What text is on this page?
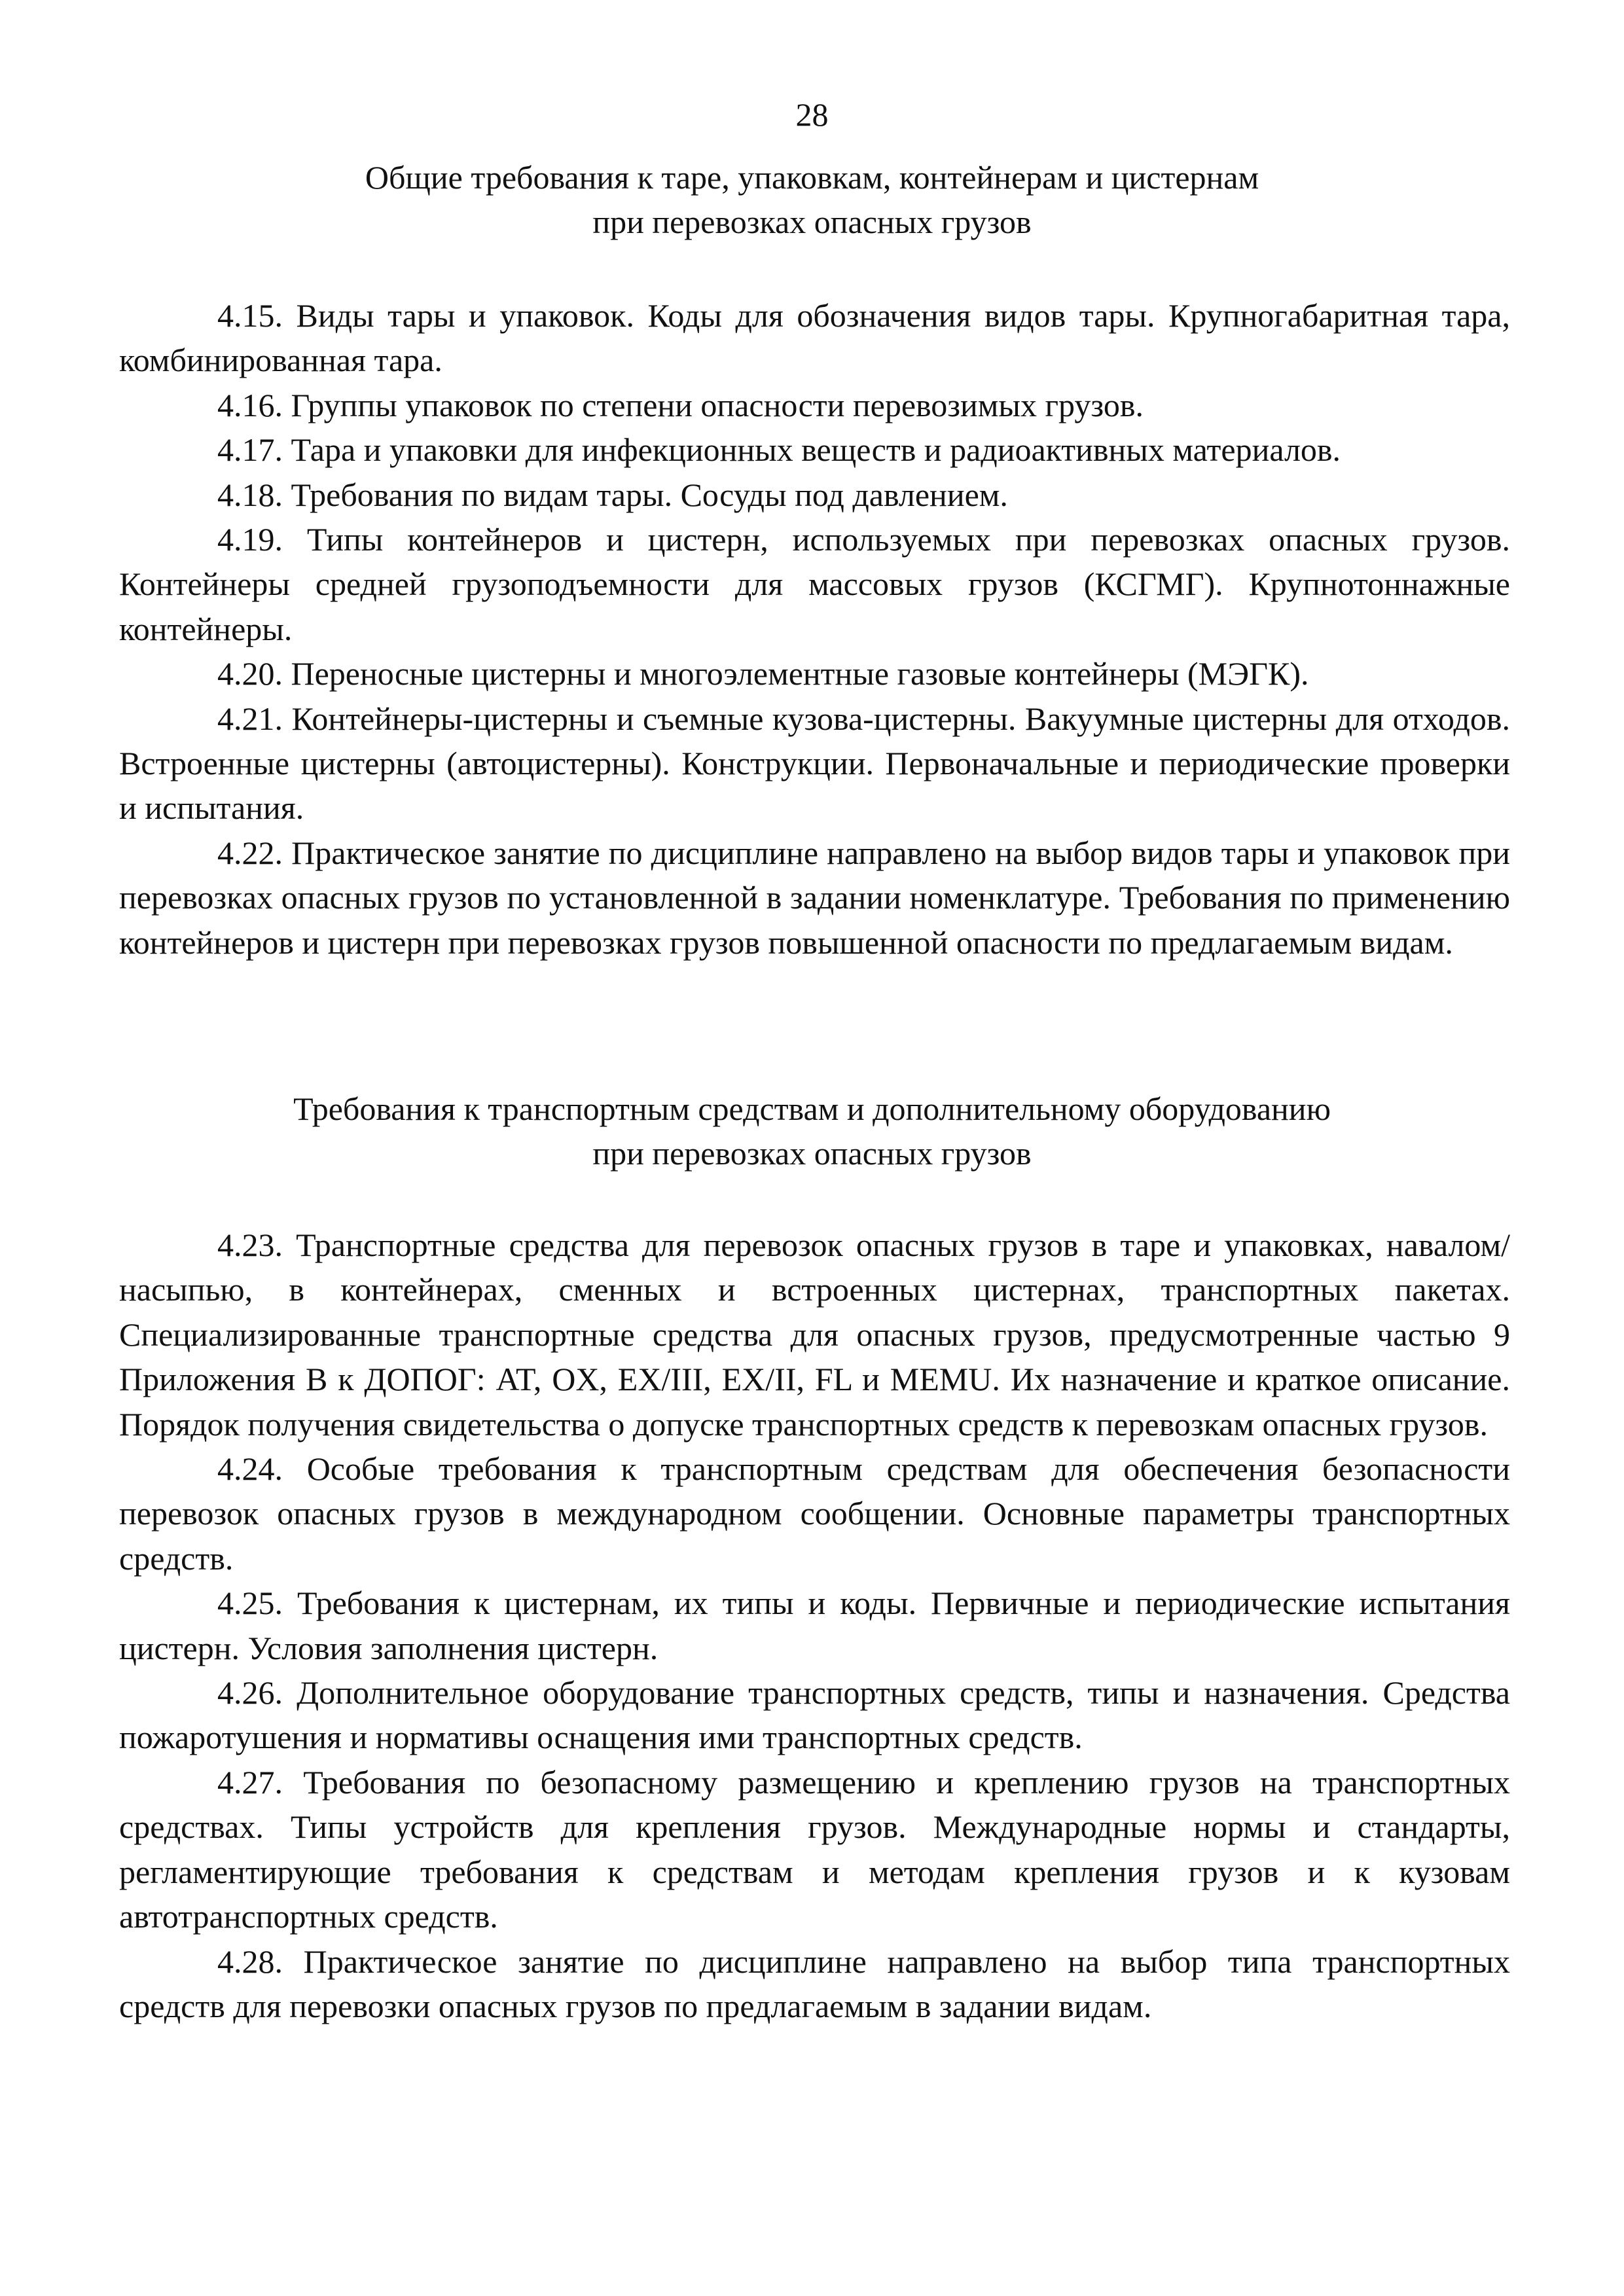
28
Общие требования к таре, упаковкам, контейнерам и цистернам
при перевозках опасных грузов

4.15. Виды тары и упаковок. Коды для обозначения видов тары. Крупногабаритная тара, комбинированная тара.

4.16. Группы упаковок по степени опасности перевозимых грузов.

4.17. Тара и упаковки для инфекционных веществ и радиоактивных материалов.

4.18. Требования по видам тары. Сосуды под давлением.

4.19. Типы контейнеров и цистерн, используемых при перевозках опасных грузов. Контейнеры средней грузоподъемности для массовых грузов (КСГМГ). Крупнотоннажные контейнеры.

4.20. Переносные цистерны и многоэлементные газовые контейнеры (МЭГК).

4.21. Контейнеры-цистерны и съемные кузова-цистерны. Вакуумные цистерны для отходов. Встроенные цистерны (автоцистерны). Конструкции. Первоначальные и периодические проверки и испытания.

4.22. Практическое занятие по дисциплине направлено на выбор видов тары и упаковок при перевозках опасных грузов по установленной в задании номенклатуре. Требования по применению контейнеров и цистерн при перевозках грузов повышенной опасности по предлагаемым видам.

Требования к транспортным средствам и дополнительному оборудованию
при перевозках опасных грузов

4.23. Транспортные средства для перевозок опасных грузов в таре и упаковках, навалом/насыпью, в контейнерах, сменных и встроенных цистернах, транспортных пакетах. Специализированные транспортные средства для опасных грузов, предусмотренные частью 9 Приложения В к ДОПОГ: AT, OX, EX/III, EX/II, FL и MEMU. Их назначение и краткое описание. Порядок получения свидетельства о допуске транспортных средств к перевозкам опасных грузов.

4.24. Особые требования к транспортным средствам для обеспечения безопасности перевозок опасных грузов в международном сообщении. Основные параметры транспортных средств.

4.25. Требования к цистернам, их типы и коды. Первичные и периодические испытания цистерн. Условия заполнения цистерн.

4.26. Дополнительное оборудование транспортных средств, типы и назначения. Средства пожаротушения и нормативы оснащения ими транспортных средств.

4.27. Требования по безопасному размещению и креплению грузов на транспортных средствах. Типы устройств для крепления грузов. Международные нормы и стандарты, регламентирующие требования к средствам и методам крепления грузов и к кузовам автотранспортных средств.

4.28. Практическое занятие по дисциплине направлено на выбор типа транспортных средств для перевозки опасных грузов по предлагаемым в задании видам.
